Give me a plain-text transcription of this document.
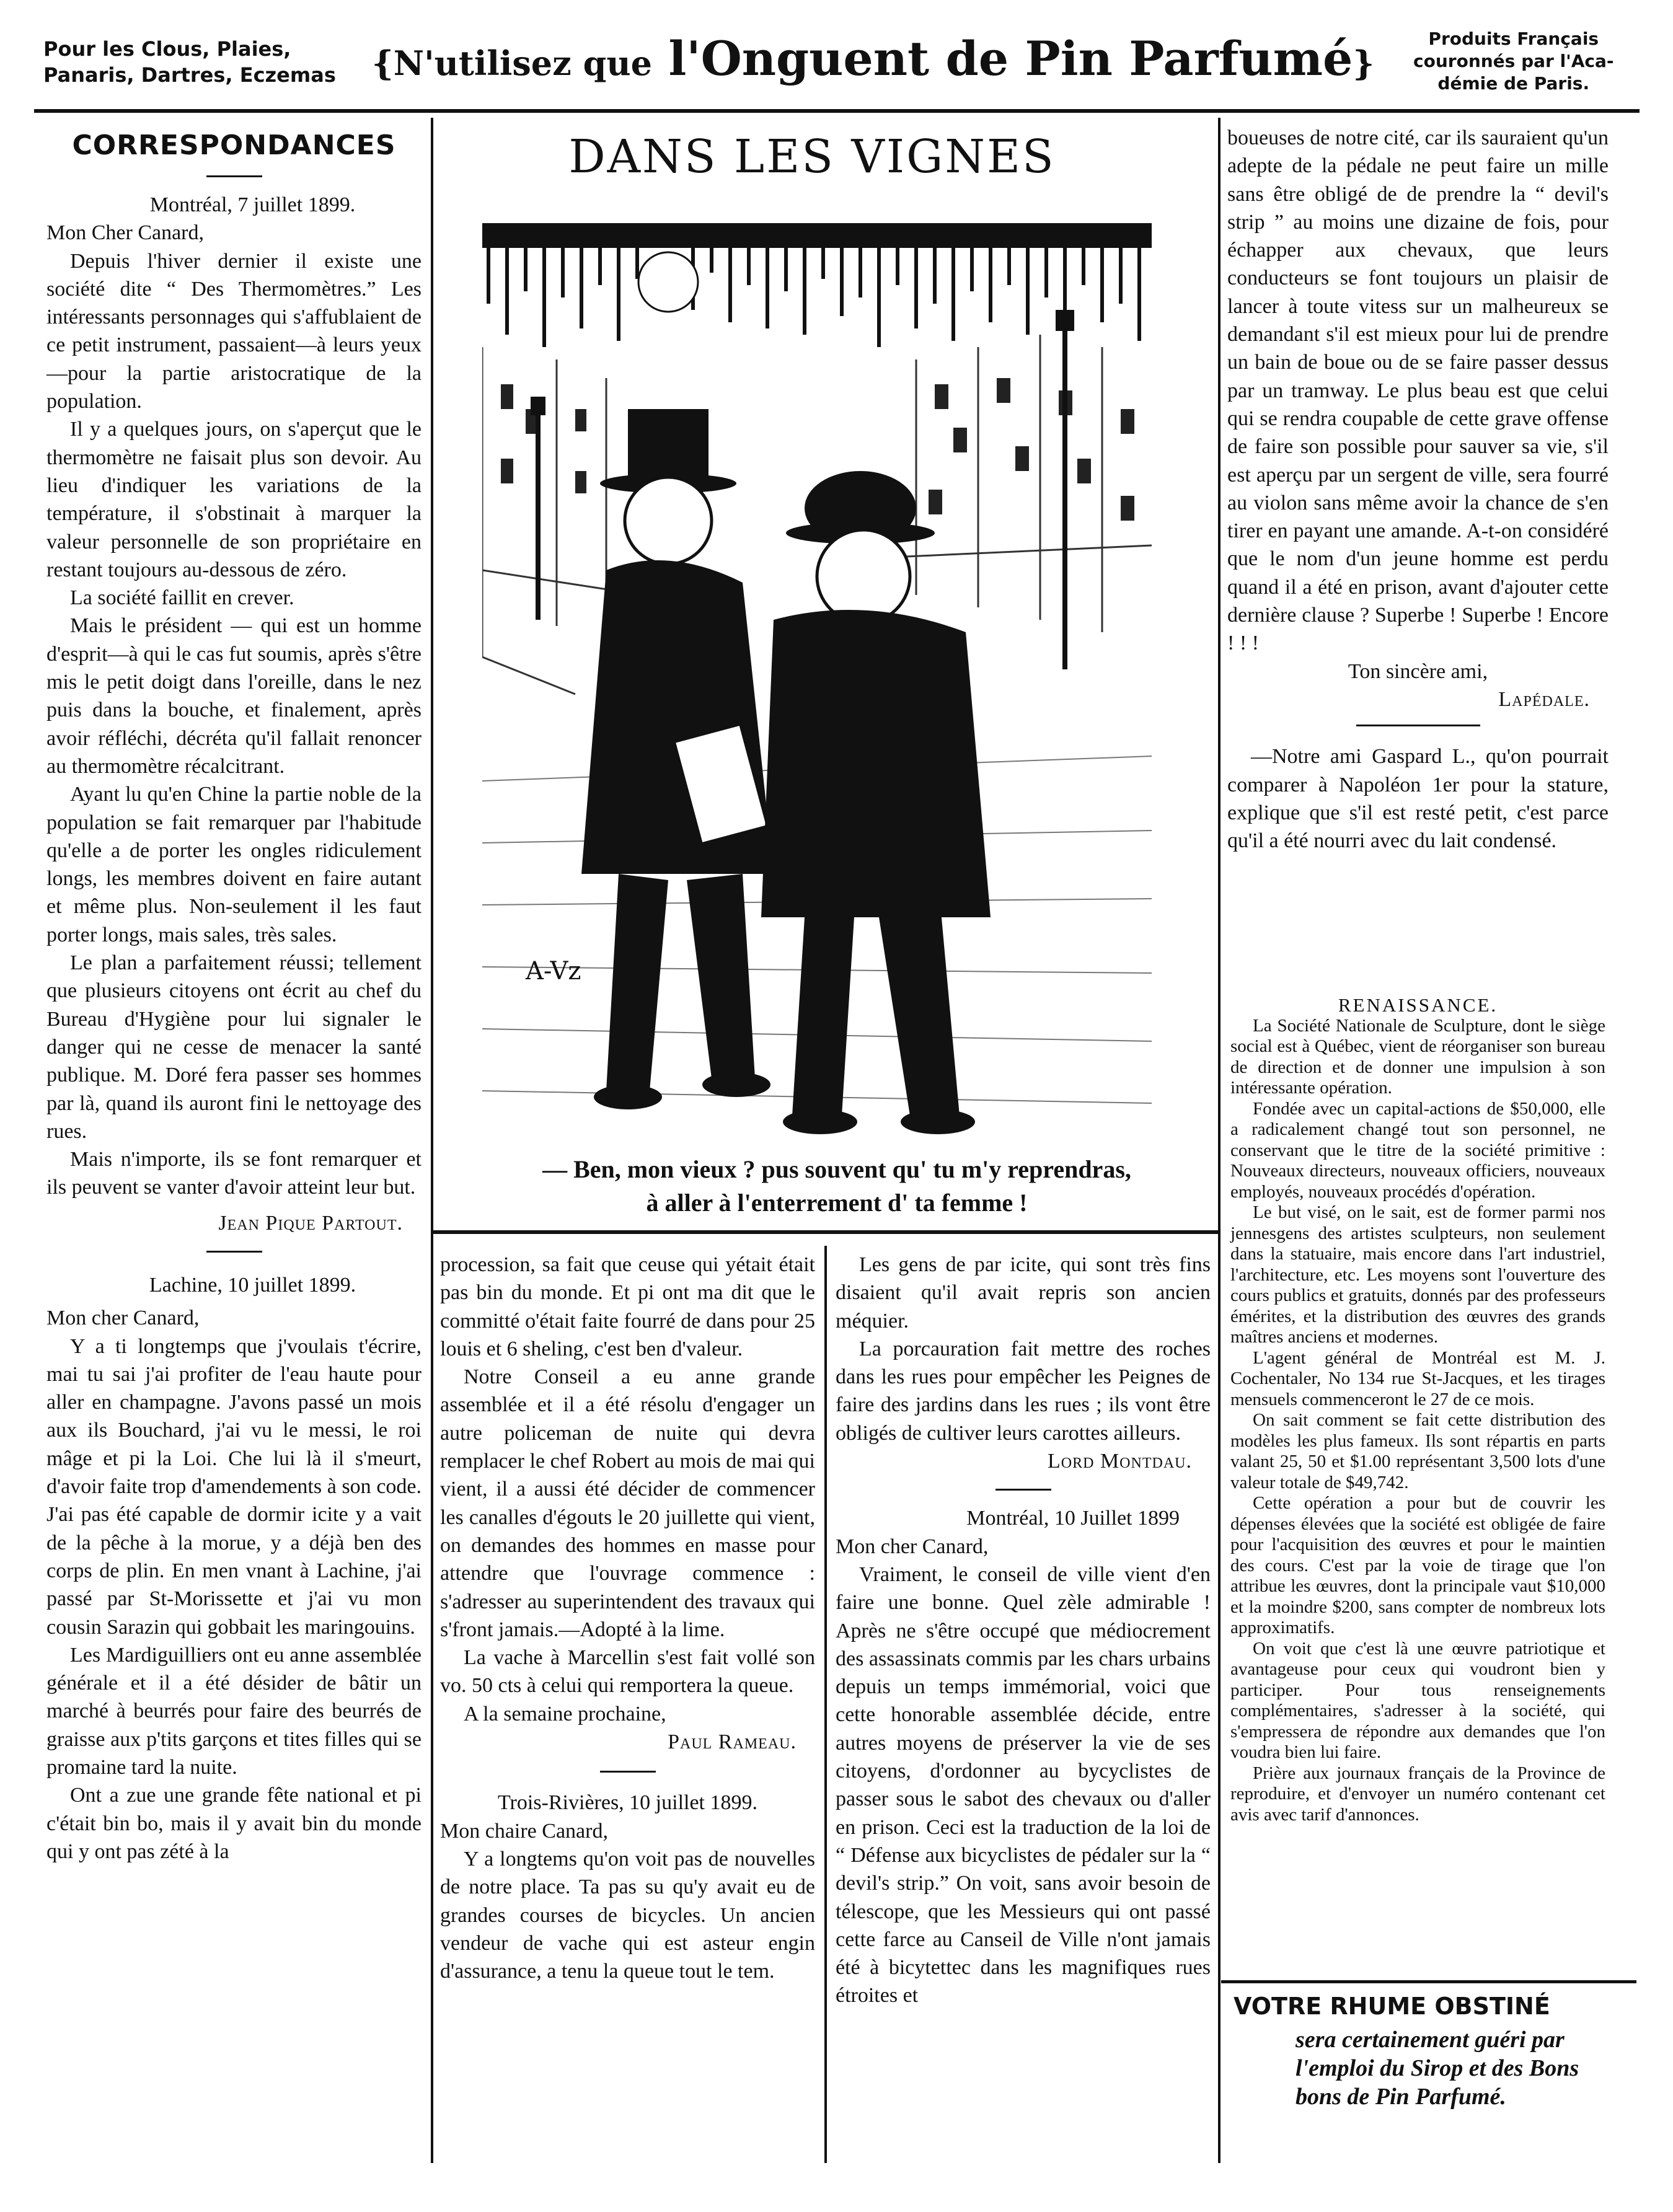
Pour les Clous, Plaies,
Panaris, Dartres, Eczemas {N'utilisez que l'Onguent de Pin Parfumé}
Produits Français
couronnés par l'Aca-
démie de Paris.
CORRESPONDANCES

Montréal, 7 juillet 1899.

Mon Cher Canard,

Depuis l'hiver dernier il existe une société dite “ Des Thermomètres.” Les intéressants personnages qui s'affublaient de ce petit instrument, passaient—à leurs yeux—pour la partie aristocratique de la population.

Il y a quelques jours, on s'aperçut que le thermomètre ne faisait plus son devoir. Au lieu d'indiquer les variations de la température, il s'obstinait à marquer la valeur personnelle de son propriétaire en restant toujours au-dessous de zéro.

La société faillit en crever.

Mais le président — qui est un homme d'esprit—à qui le cas fut soumis, après s'être mis le petit doigt dans l'oreille, dans le nez puis dans la bouche, et finalement, après avoir réfléchi, décréta qu'il fallait renoncer au thermomètre récalcitrant.

Ayant lu qu'en Chine la partie noble de la population se fait remarquer par l'habitude qu'elle a de porter les ongles ridiculement longs, les membres doivent en faire autant et même plus. Non-seulement il les faut porter longs, mais sales, très sales.

Le plan a parfaitement réussi; tellement que plusieurs citoyens ont écrit au chef du Bureau d'Hygiène pour lui signaler le danger qui ne cesse de menacer la santé publique. M. Doré fera passer ses hommes par là, quand ils auront fini le nettoyage des rues.

Mais n'importe, ils se font remarquer et ils peuvent se vanter d'avoir atteint leur but.

Jean Pique Partout.

Lachine, 10 juillet 1899.

Mon cher Canard,

Y a ti longtemps que j'voulais t'écrire, mai tu sai j'ai profiter de l'eau haute pour aller en champagne. J'avons passé un mois aux ils Bouchard, j'ai vu le messi, le roi mâge et pi la Loi. Che lui là il s'meurt, d'avoir faite trop d'amendements à son code. J'ai pas été capable de dormir icite y a vait de la pêche à la morue, y a déjà ben des corps de plin. En men vnant à Lachine, j'ai passé par St-Morissette et j'ai vu mon cousin Sarazin qui gobbait les maringouins.

Les Mardiguilliers ont eu anne assemblée générale et il a été désider de bâtir un marché à beurrés pour faire des beurrés de graisse aux p'tits garçons et tites filles qui se promaine tard la nuite.

Ont a zue une grande fête national et pi c'était bin bo, mais il y avait bin du monde qui y ont pas zété à la

DANS LES VIGNES
A-Vz
— Ben, mon vieux ? pus souvent qu' tu m'y reprendras,
à aller à l'enterrement d' ta femme !

procession, sa fait que ceuse qui yétait était pas bin du monde. Et pi ont ma dit que le committé o'était faite fourré de dans pour 25 louis et 6 sheling, c'est ben d'valeur.

Notre Conseil a eu anne grande assemblée et il a été résolu d'engager un autre policeman de nuite qui devra remplacer le chef Robert au mois de mai qui vient, il a aussi été décider de commencer les canalles d'égouts le 20 juillette qui vient, on demandes des hommes en masse pour attendre que l'ouvrage commence : s'adresser au superintendent des travaux qui s'front jamais.—Adopté à la lime.

La vache à Marcellin s'est fait vollé son vo. 50 cts à celui qui remportera la queue.

A la semaine prochaine,

Paul Rameau.

Trois-Rivières, 10 juillet 1899.

Mon chaire Canard,

Y a longtems qu'on voit pas de nouvelles de notre place. Ta pas su qu'y avait eu de grandes courses de bicycles. Un ancien vendeur de vache qui est asteur engin d'assurance, a tenu la queue tout le tem.

Les gens de par icite, qui sont très fins disaient qu'il avait repris son ancien méquier.

La porcauration fait mettre des roches dans les rues pour empêcher les Peignes de faire des jardins dans les rues ; ils vont être obligés de cultiver leurs carottes ailleurs.

Lord Montdau.

Montréal, 10 Juillet 1899

Mon cher Canard,

Vraiment, le conseil de ville vient d'en faire une bonne. Quel zèle admirable ! Après ne s'être occupé que médiocrement des assassinats commis par les chars urbains depuis un temps immémorial, voici que cette honorable assemblée décide, entre autres moyens de préserver la vie de ses citoyens, d'ordonner au bycyclistes de passer sous le sabot des chevaux ou d'aller en prison. Ceci est la traduction de la loi de “ Défense aux bicyclistes de pédaler sur la “ devil's strip.” On voit, sans avoir besoin de télescope, que les Messieurs qui ont passé cette farce au Canseil de Ville n'ont jamais été à bicytettec dans les magnifiques rues étroites et

boueuses de notre cité, car ils sauraient qu'un adepte de la pédale ne peut faire un mille sans être obligé de de prendre la “ devil's strip ” au moins une dizaine de fois, pour échapper aux chevaux, que leurs conducteurs se font toujours un plaisir de lancer à toute vitess sur un malheureux se demandant s'il est mieux pour lui de prendre un bain de boue ou de se faire passer dessus par un tramway. Le plus beau est que celui qui se rendra coupable de cette grave offense de faire son possible pour sauver sa vie, s'il est aperçu par un sergent de ville, sera fourré au violon sans même avoir la chance de s'en tirer en payant une amande. A-t-on considéré que le nom d'un jeune homme est perdu quand il a été en prison, avant d'ajouter cette dernière clause ? Superbe ! Superbe ! Encore ! ! !

Ton sincère ami,

Lapédale.

—Notre ami Gaspard L., qu'on pourrait comparer à Napoléon 1er pour la stature, explique que s'il est resté petit, c'est parce qu'il a été nourri avec du lait condensé.

RENAISSANCE.

La Société Nationale de Sculpture, dont le siège social est à Québec, vient de réorganiser son bureau de direction et de donner une impulsion à son intéressante opération.

Fondée avec un capital-actions de $50,000, elle a radicalement changé tout son personnel, ne conservant que le titre de la société primitive : Nouveaux directeurs, nouveaux officiers, nouveaux employés, nouveaux procédés d'opération.

Le but visé, on le sait, est de former parmi nos jennesgens des artistes sculpteurs, non seulement dans la statuaire, mais encore dans l'art industriel, l'architecture, etc. Les moyens sont l'ouverture des cours publics et gratuits, donnés par des professeurs émérites, et la distribution des œuvres des grands maîtres anciens et modernes.

L'agent général de Montréal est M. J. Cochentaler, No 134 rue St-Jacques, et les tirages mensuels commenceront le 27 de ce mois.

On sait comment se fait cette distribution des modèles les plus fameux. Ils sont répartis en parts valant 25, 50 et $1.00 représentant 3,500 lots d'une valeur totale de $49,742.

Cette opération a pour but de couvrir les dépenses élevées que la société est obligée de faire pour l'acquisition des œuvres et pour le maintien des cours. C'est par la voie de tirage que l'on attribue les œuvres, dont la principale vaut $10,000 et la moindre $200, sans compter de nombreux lots approximatifs.

On voit que c'est là une œuvre patriotique et avantageuse pour ceux qui voudront bien y participer. Pour tous renseignements complémentaires, s'adresser à la société, qui s'empressera de répondre aux demandes que l'on voudra bien lui faire.

Prière aux journaux français de la Province de reproduire, et d'envoyer un numéro contenant cet avis avec tarif d'annonces.

VOTRE RHUME OBSTINÉ
sera certainement guéri par l'emploi du Sirop et des Bons bons de Pin Parfumé.
